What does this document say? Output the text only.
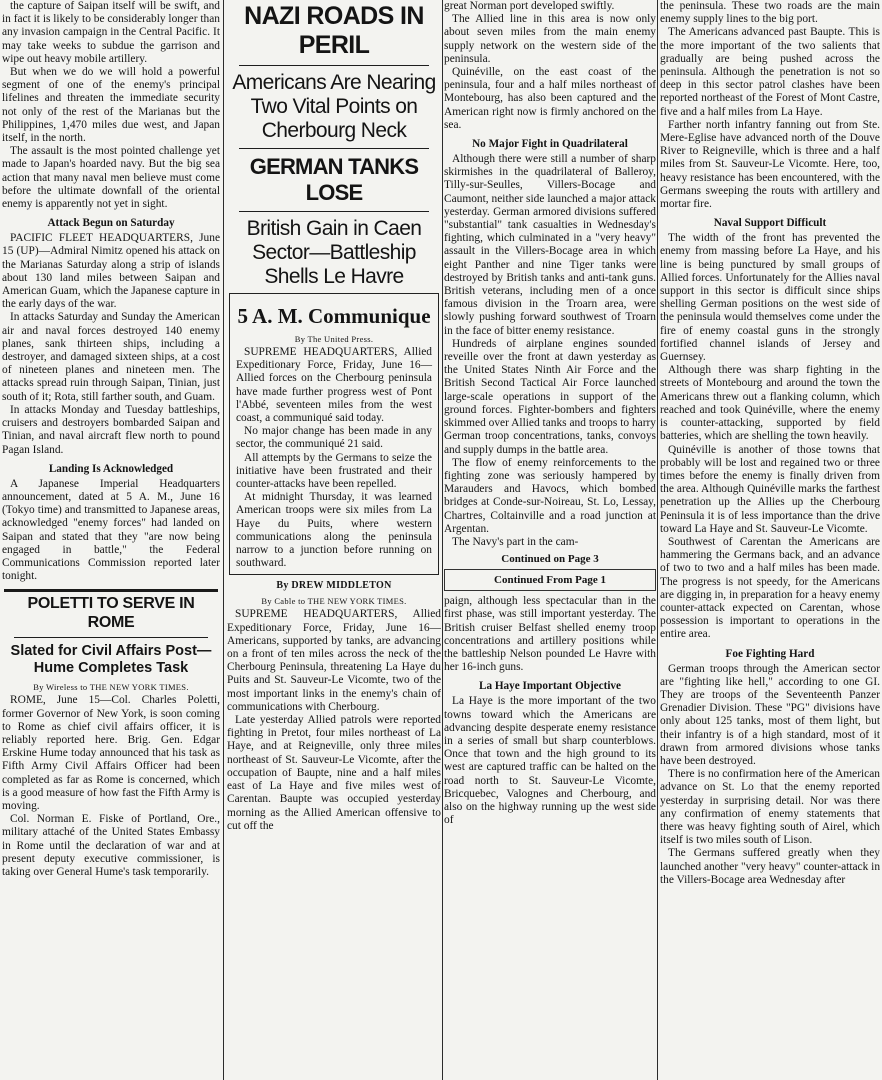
the capture of Saipan itself will be swift, and in fact it is likely to be considerably longer than any invasion campaign in the Central Pacific. It may take weeks to subdue the garrison and wipe out heavy mobile artillery.

But when we do we will hold a powerful segment of one of the enemy's principal lifelines and threaten the immediate security not only of the rest of the Marianas but the Philippines, 1,470 miles due west, and Japan itself, in the north.

The assault is the most pointed challenge yet made to Japan's hoarded navy. But the big sea action that many naval men believe must come before the ultimate downfall of the oriental enemy is apparently not yet in sight.

Attack Begun on Saturday

PACIFIC FLEET HEADQUARTERS, June 15 (UP)—Admiral Nimitz opened his attack on the Marianas Saturday along a strip of islands about 130 land miles between Saipan and American Guam, which the Japanese capture in the early days of the war.

In attacks Saturday and Sunday the American air and naval forces destroyed 140 enemy planes, sank thirteen ships, including a destroyer, and damaged sixteen ships, at a cost of nineteen planes and nineteen men. The attacks spread ruin through Saipan, Tinian, just south of it; Rota, still farther south, and Guam.

In attacks Monday and Tuesday battleships, cruisers and destroyers bombarded Saipan and Tinian, and naval aircraft flew north to pound Pagan Island.

Landing Is Acknowledged

A Japanese Imperial Headquarters announcement, dated at 5 A. M., June 16 (Tokyo time) and transmitted to Japanese areas, acknowledged "enemy forces" had landed on Saipan and stated that they "are now being engaged in battle," the Federal Communications Commission reported later tonight.

POLETTI TO SERVE IN ROME
Slated for Civil Affairs Post—Hume Completes Task
By Wireless to THE NEW YORK TIMES.

ROME, June 15—Col. Charles Poletti, former Governor of New York, is soon coming to Rome as chief civil affairs officer, it is reliably reported here. Brig. Gen. Edgar Erskine Hume today announced that his task as Fifth Army Civil Affairs Officer had been completed as far as Rome is concerned, which is a good measure of how fast the Fifth Army is moving.

Col. Norman E. Fiske of Portland, Ore., military attaché of the United States Embassy in Rome until the declaration of war and at present deputy executive commissioner, is taking over General Hume's task temporarily.

NAZI ROADS IN PERIL
Americans Are Nearing Two Vital Points on Cherbourg Neck
GERMAN TANKS LOSE
British Gain in Caen Sector—Battleship Shells Le Havre
5 A. M. Communique
By The United Press.

SUPREME HEADQUARTERS, Allied Expeditionary Force, Friday, June 16—Allied forces on the Cherbourg peninsula have made further progress west of Pont l'Abbé, seventeen miles from the west coast, a communiqué said today.

No major change has been made in any sector, the communiqué 21 said.

All attempts by the Germans to seize the initiative have been frustrated and their counter-attacks have been repelled.

At midnight Thursday, it was learned American troops were six miles from La Haye du Puits, where western communications along the peninsula narrow to a junction before running on southward.

By DREW MIDDLETON
By Cable to THE NEW YORK TIMES.

SUPREME HEADQUARTERS, Allied Expeditionary Force, Friday, June 16—Americans, supported by tanks, are advancing on a front of ten miles across the neck of the Cherbourg Peninsula, threatening La Haye du Puits and St. Sauveur-Le Vicomte, two of the most important links in the enemy's chain of communications with Cherbourg.

Late yesterday Allied patrols were reported fighting in Pretot, four miles northeast of La Haye, and at Reigneville, only three miles northeast of St. Sauveur-Le Vicomte, after the occupation of Baupte, nine and a half miles east of La Haye and five miles west of Carentan. Baupte was occupied yesterday morning as the Allied American offensive to cut off the

great Norman port developed swiftly.

The Allied line in this area is now only about seven miles from the main enemy supply network on the western side of the peninsula.

Quinéville, on the east coast of the peninsula, four and a half miles northeast of Montebourg, has also been captured and the American right now is firmly anchored on the sea.

No Major Fight in Quadrilateral

Although there were still a number of sharp skirmishes in the quadrilateral of Balleroy, Tilly-sur-Seulles, Villers-Bocage and Caumont, neither side launched a major attack yesterday. German armored divisions suffered "substantial" tank casualties in Wednesday's fighting, which culminated in a "very heavy" assault in the Villers-Bocage area in which eight Panther and nine Tiger tanks were destroyed by British tanks and anti-tank guns. British veterans, including men of a once famous division in the Troarn area, were slowly pushing forward southwest of Troarn in the face of bitter enemy resistance.

Hundreds of airplane engines sounded reveille over the front at dawn yesterday as the United States Ninth Air Force and the British Second Tactical Air Force launched large-scale operations in support of the ground forces. Fighter-bombers and fighters skimmed over Allied tanks and troops to harry German troop concentrations, tanks, convoys and supply dumps in the battle area.

The flow of enemy reinforcements to the fighting zone was seriously hampered by Marauders and Havocs, which bombed bridges at Conde-sur-Noireau, St. Lo, Lessay, Chartres, Coltainville and a road junction at Argentan.

The Navy's part in the cam-

Continued on Page 3
Continued From Page 1

paign, although less spectacular than in the first phase, was still important yesterday. The British cruiser Belfast shelled enemy troop concentrations and artillery positions while the battleship Nelson pounded Le Havre with her 16-inch guns.

La Haye Important Objective

La Haye is the more important of the two towns toward which the Americans are advancing despite desperate enemy resistance in a series of small but sharp counterblows. Once that town and the high ground to its west are captured traffic can be halted on the road north to St. Sauveur-Le Vicomte, Bricquebec, Valognes and Cherbourg, and also on the highway running up the west side of

the peninsula. These two roads are the main enemy supply lines to the big port.

The Americans advanced past Baupte. This is the more important of the two salients that gradually are being pushed across the peninsula. Although the penetration is not so deep in this sector patrol clashes have been reported northeast of the Forest of Mont Castre, five and a half miles from La Haye.

Farther north infantry fanning out from Ste. Mere-Eglise have advanced north of the Douve River to Reigneville, which is three and a half miles from St. Sauveur-Le Vicomte. Here, too, heavy resistance has been encountered, with the Germans sweeping the routs with artillery and mortar fire.

Naval Support Difficult

The width of the front has prevented the enemy from massing before La Haye, and his line is being punctured by small groups of Allied forces. Unfortunately for the Allies naval support in this sector is difficult since ships shelling German positions on the west side of the peninsula would themselves come under the fire of enemy coastal guns in the strongly fortified channel islands of Jersey and Guernsey.

Although there was sharp fighting in the streets of Montebourg and around the town the Americans threw out a flanking column, which reached and took Quinéville, where the enemy is counter-attacking, supported by field batteries, which are shelling the town heavily.

Quinéville is another of those towns that probably will be lost and regained two or three times before the enemy is finally driven from the area. Although Quinéville marks the farthest penetration up the Allies up the Cherbourg Peninsula it is of less importance than the drive toward La Haye and St. Sauveur-Le Vicomte.

Southwest of Carentan the Americans are hammering the Germans back, and an advance of two to two and a half miles has been made. The progress is not speedy, for the Americans are digging in, in preparation for a heavy enemy counter-attack expected on Carentan, whose possession is important to operations in the entire area.

Foe Fighting Hard

German troops through the American sector are "fighting like hell," according to one GI. They are troops of the Seventeenth Panzer Grenadier Division. These "PG" divisions have only about 125 tanks, most of them light, but their infantry is of a high standard, most of it drawn from armored divisions whose tanks have been destroyed.

There is no confirmation here of the American advance on St. Lo that the enemy reported yesterday in surprising detail. Nor was there any confirmation of enemy statements that there was heavy fighting south of Airel, which itself is two miles south of Lison.

The Germans suffered greatly when they launched another "very heavy" counter-attack in the Villers-Bocage area Wednesday after
